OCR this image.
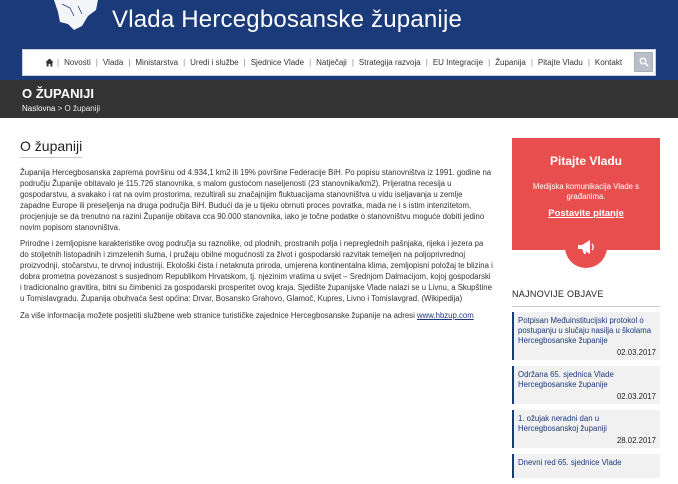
Vlada Hercegbosanske županije
| Novosti | Vlada | Ministarstva | Uredi i službe | Sjednice Vlade | Natječaji | Strategija razvoja | EU Integracije | Županija | Pitajte Vladu | Kontakt
O ŽUPANIJI
Naslovna > O županiji
O županiji

Županija Hercegbosanska zaprema površinu od 4.934,1 km2 ili 19% površine Federacije BiH. Po popisu stanovništva iz 1991. godine na području Županije obitavalo je 115.726 stanovnika, s malom gustoćom naseljenosti (23 stanovnika/km2). Prijeratna recesija u gospodarstvu, a svakako i rat na ovim prostorima, rezultirali su značajnijim fluktuacijama stanovništva u vidu iseljavanja u zemlje zapadne Europe ili preseljenja na druga područja BiH. Budući da je u tijeku obrnuti proces povratka, mada ne i s istim intenzitetom, procjenjuje se da trenutno na razini Županije obitava cca 90.000 stanovnika, iako je točne podatke o stanovništvu moguće dobiti jedino novim popisom stanovništva.

Prirodne i zemljopisne karakteristike ovog područja su raznolike, od plodnih, prostranih polja i nepreglednih pašnjaka, rijeka i jezera pa do stoljetnih listopadnih i zimzelenih šuma, i pružaju obilne mogućnosti za život i gospodarski razvitak temeljen na poljoprivrednoj proizvodnji, stočarstvu, te drvnoj industriji. Ekološki čista i netaknuta priroda, umjerena kontinentalna klima, zemljopisni položaj te blizina i dobra prometna povezanost s susjednom Republikom Hrvatskom, tj. njezinim vratima u svijet – Srednjom Dalmacijom, kojoj gospodarski i tradicionalno gravitira, bitni su čimbenici za gospodarski prosperitet ovog kraja. Sjedište županijske Vlade nalazi se u Livnu, a Skupštine u Tomislavgradu. Županija obuhvaća šest općina: Drvar, Bosansko Grahovo, Glamoč, Kupres, Livno i Tomislavgrad. (Wikipedija)

Za više informacija možete posjetiti službene web stranice turističke zajednice Hercegbosanske županije na adresi www.hbzup.com

Pitajte Vladu
Medijska komunikacija Vlade s građanima.
Postavite pitanje
NAJNOVIJE OBJAVE
Potpisan Međuinstitucijski protokol o postupanju u slučaju nasilja u školama Hercegbosanske županije
02.03.2017
Održana 65. sjednica Vlade Hercegbosanske županije
02.03.2017
1. ožujak neradni dan u Hercegbosanskoj županiji
28.02.2017
Dnevni red 65. sjednice Vlade
